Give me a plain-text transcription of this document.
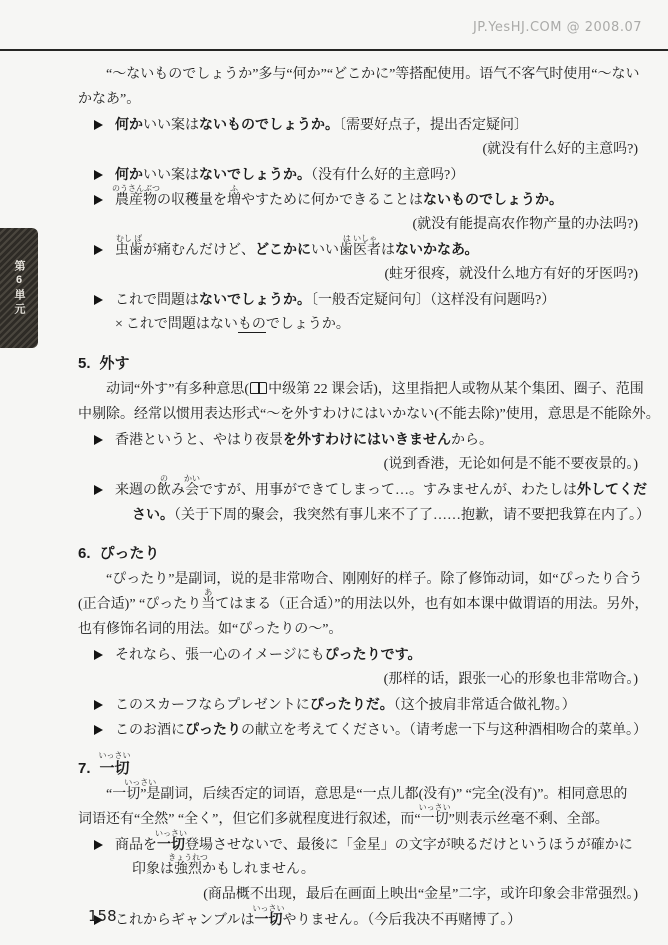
JP.YesHJ.COM @ 2008.07
第6単元
“〜ないものでしょうか”多与“何か”“どこかに”等搭配使用。语气不客气时使用“〜ない
かなあ”。
何かいい案はないものでしょうか。〔需要好点子，提出否定疑问〕
(就没有什么好的主意吗?)
何かいい案はないでしょうか。（没有什么好的主意吗?）
農産物
のうさんぶつ
の収穫量を増
ふ
やすために何かできることはないものでしょうか。
(就没有能提高农作物产量的办法吗?)
虫歯
むし ば
が痛むんだけど、どこかにいい歯医者
は いしゃ
はないかなあ。
(蛀牙很疼，就没什么地方有好的牙医吗?)
これで問題はないでしょうか。〔一般否定疑问句〕（这样没有问题吗?）
× これで問題はないものでしょうか。
5. 外す
动词“外す”有多种意思( 中级第 22 课会话)，这里指把人或物从某个集团、圈子、范围
中剔除。经常以惯用表达形式“〜を外すわけにはいかない(不能去除)”使用，意思是不能除外。
香港というと、やはり夜景を外すわけにはいきませんから。
(说到香港，无论如何是不能不要夜景的。)
来週の飲
の
み会
かい
ですが、用事ができてしまって…。すみませんが、わたしは外してくだ
さい。（关于下周的聚会，我突然有事儿来不了了……抱歉，请不要把我算在内了。）
6. ぴったり
“ぴったり”是副词，说的是非常吻合、刚刚好的样子。除了修饰动词，如“ぴったり合う
(正合适)” “ぴったり当
あ
てはまる（正合适）”的用法以外，也有如本课中做谓语的用法。另外，
也有修饰名词的用法。如“ぴったりの〜”。
それなら、張一心のイメージにもぴったりです。
(那样的话，跟张一心的形象也非常吻合。)
このスカーフならプレゼントにぴったりだ。（这个披肩非常适合做礼物。）
このお酒にぴったりの献立を考えてください。（请考虑一下与这种酒相吻合的菜单。）
7. 一切
いっさい
“一切
いっさい
”是副词，后续否定的词语，意思是“一点儿都(没有)” “完全(没有)”。相同意思的
词语还有“全然” “全く”，但它们多就程度进行叙述，而“一切
いっさい
”则表示丝毫不剩、全部。
商品を一切
いっさい
登場させないで、最後に「金星」の文字が映るだけというほうが確かに
印象は強烈
きょうれつ
かもしれません。
(商品概不出现，最后在画面上映出“金星”二字，或许印象会非常强烈。)
これからギャンブルは一切
いっさい
やりません。（今后我决不再赌博了。）
158
